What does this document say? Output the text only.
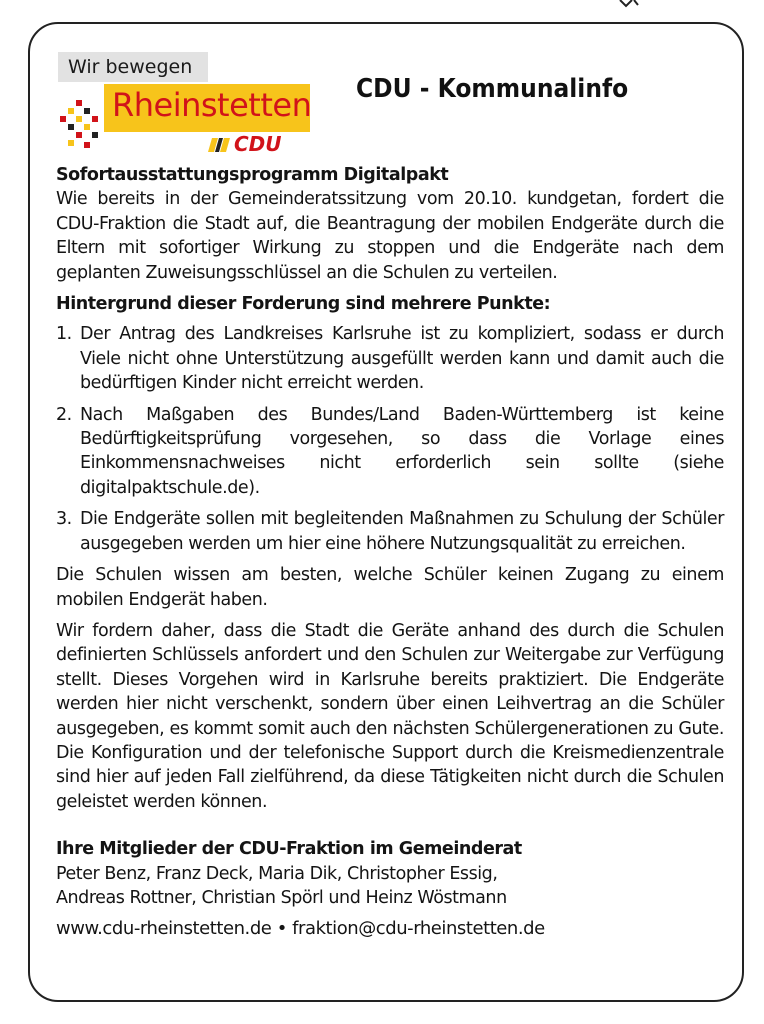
Wir bewegen
Rheinstetten
CDU
CDU - Kommunalinfo

Sofortausstattungsprogramm Digitalpakt

Wie bereits in der Gemeinderatssitzung vom 20.10. kundgetan, fordert die CDU-Fraktion die Stadt auf, die Beantragung der mobilen Endgeräte durch die Eltern mit sofortiger Wirkung zu stoppen und die Endgeräte nach dem geplanten Zuweisungsschlüssel an die Schulen zu verteilen.

Hintergrund dieser Forderung sind mehrere Punkte:

1. Der Antrag des Landkreises Karlsruhe ist zu kompliziert, sodass er durch Viele nicht ohne Unterstützung ausgefüllt werden kann und damit auch die bedürftigen Kinder nicht erreicht werden.
2. Nach Maßgaben des Bundes/Land Baden-Württemberg ist keine Bedürftigkeitsprüfung vorgesehen, so dass die Vorlage eines Einkommensnachweises nicht erforderlich sein sollte (siehe digitalpaktschule.de).
3. Die Endgeräte sollen mit begleitenden Maßnahmen zu Schulung der Schüler ausgegeben werden um hier eine höhere Nutzungsqualität zu erreichen.

Die Schulen wissen am besten, welche Schüler keinen Zugang zu einem mobilen Endgerät haben.

Wir fordern daher, dass die Stadt die Geräte anhand des durch die Schulen definierten Schlüssels anfordert und den Schulen zur Weitergabe zur Verfügung stellt. Dieses Vorgehen wird in Karlsruhe bereits praktiziert. Die Endgeräte werden hier nicht verschenkt, sondern über einen Leihvertrag an die Schüler ausgegeben, es kommt somit auch den nächsten Schülergenerationen zu Gute. Die Konfiguration und der telefonische Support durch die Kreismedienzentrale sind hier auf jeden Fall zielführend, da diese Tätigkeiten nicht durch die Schulen geleistet werden können.

Ihre Mitglieder der CDU-Fraktion im Gemeinderat

Peter Benz, Franz Deck, Maria Dik, Christopher Essig,

Andreas Rottner, Christian Spörl und Heinz Wöstmann

www.cdu-rheinstetten.de • fraktion@cdu-rheinstetten.de
